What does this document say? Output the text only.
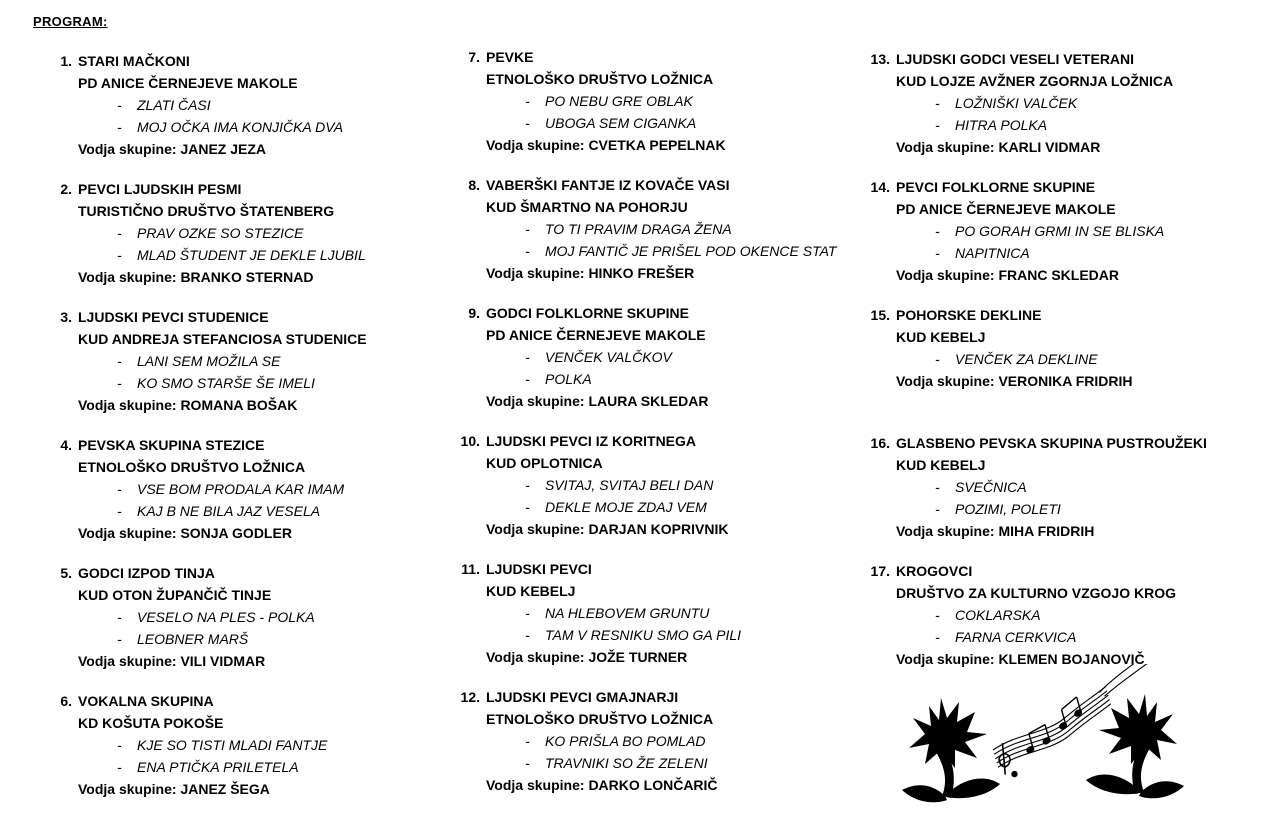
PROGRAM:
1. STARI MAČKONI
PD ANICE ČERNEJEVE MAKOLE
-	ZLATI ČASI
-	MOJ OČKA IMA KONJIČKA DVA
Vodja skupine: JANEZ JEZA
2. PEVCI LJUDSKIH PESMI
TURISTIČNO DRUŠTVO ŠTATENBERG
-	PRAV OZKE SO STEZICE
-	MLAD ŠTUDENT JE DEKLE LJUBIL
Vodja skupine: BRANKO STERNAD
3. LJUDSKI PEVCI STUDENICE
KUD ANDREJA STEFANCIOSA STUDENICE
-	LANI SEM MOŽILA SE
-	KO SMO STARŠE ŠE IMELI
Vodja skupine: ROMANA BOŠAK
4. PEVSKA SKUPINA STEZICE
ETNOLOŠKO DRUŠTVO LOŽNICA
-	VSE BOM PRODALA KAR IMAM
-	KAJ B NE BILA JAZ VESELA
Vodja skupine: SONJA GODLER
5. GODCI IZPOD TINJA
KUD OTON ŽUPANČIČ TINJE
-	VESELO NA PLES - POLKA
-	LEOBNER MARŠ
Vodja skupine: VILI VIDMAR
6. VOKALNA SKUPINA
KD KOŠUTA POKOŠE
-	KJE SO TISTI MLADI FANTJE
-	ENA PTIČKA PRILETELA
Vodja skupine: JANEZ ŠEGA
7. PEVKE
ETNOLOŠKO DRUŠTVO LOŽNICA
-	PO NEBU GRE OBLAK
-	UBOGA SEM CIGANKA
Vodja skupine: CVETKA PEPELNAK
8. VABERŠKI FANTJE IZ KOVAČE VASI
KUD ŠMARTNO NA POHORJU
-	TO TI PRAVIM DRAGA ŽENA
-	MOJ FANTIČ JE PRIŠEL POD OKENCE STAT
Vodja skupine: HINKO FREŠER
9. GODCI FOLKLORNE SKUPINE
PD ANICE ČERNEJEVE MAKOLE
-	VENČEK VALČKOV
-	POLKA
Vodja skupine: LAURA SKLEDAR
10. LJUDSKI PEVCI IZ KORITNEGA
KUD OPLOTNICA
-	SVITAJ, SVITAJ BELI DAN
-	DEKLE MOJE ZDAJ VEM
Vodja skupine: DARJAN KOPRIVNIK
11. LJUDSKI PEVCI
KUD KEBELJ
-	NA HLEBOVEM GRUNTU
-	TAM V RESNIKU SMO GA PILI
Vodja skupine: JOŽE TURNER
12. LJUDSKI PEVCI GMAJNARJI
ETNOLOŠKO DRUŠTVO LOŽNICA
-	KO PRIŠLA BO POMLAD
-	TRAVNIKI SO ŽE ZELENI
Vodja skupine: DARKO LONČARIČ
13. LJUDSKI GODCI VESELI VETERANI
KUD LOJZE AVŽNER ZGORNJA LOŽNICA
-	LOŽNIŠKI VALČEK
-	HITRA POLKA
Vodja skupine: KARLI VIDMAR
14. PEVCI FOLKLORNE SKUPINE
PD ANICE ČERNEJEVE MAKOLE
-	PO GORAH GRMI IN SE BLISKA
-	NAPITNICA
Vodja skupine: FRANC SKLEDAR
15. POHORSKE DEKLINE
KUD KEBELJ
-	VENČEK ZA DEKLINE
Vodja skupine: VERONIKA FRIDRIH
16. GLASBENO PEVSKA SKUPINA PUSTROUŽEKI
KUD KEBELJ
-	SVEČNICA
-	POZIMI, POLETI
Vodja skupine: MIHA FRIDRIH
17. KROGOVCI
DRUŠTVO ZA KULTURNO VZGOJO KROG
-	COKLARSKA
-	FARNA CERKVICA
Vodja skupine: KLEMEN BOJANOVIČ
